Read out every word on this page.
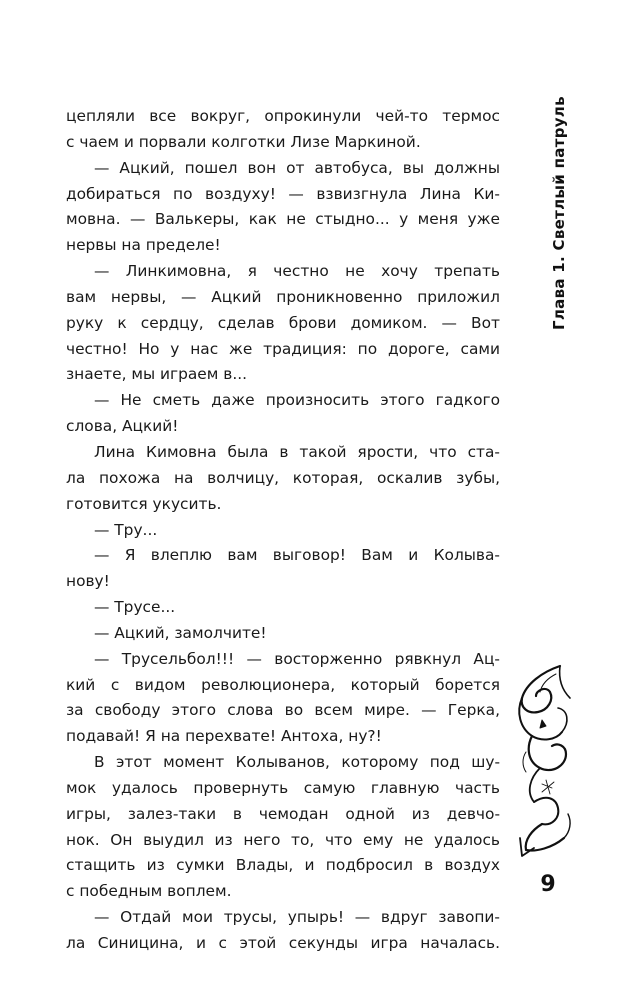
цепляли все вокруг, опрокинули чей-то термос
с чаем и порвали колготки Лизе Маркиной.
— Ацкий, пошел вон от автобуса, вы должны
добираться по воздуху! — взвизгнула Лина Ки-
мовна. — Валькеры, как не стыдно... у меня уже
нервы на пределе!
— Линкимовна, я честно не хочу трепать
вам нервы, — Ацкий проникновенно приложил
руку к сердцу, сделав брови домиком. — Вот
честно! Но у нас же традиция: по дороге, сами
знаете, мы играем в...
— Не сметь даже произносить этого гадкого
слова, Ацкий!
Лина Кимовна была в такой ярости, что ста-
ла похожа на волчицу, которая, оскалив зубы,
готовится укусить.
— Тру...
— Я влеплю вам выговор! Вам и Колыва-
нову!
— Трусе...
— Ацкий, замолчите!
— Трусельбол!!! — восторженно рявкнул Ац-
кий с видом революционера, который борется
за свободу этого слова во всем мире. — Герка,
подавай! Я на перехвате! Антоха, ну?!
В этот момент Колыванов, которому под шу-
мок удалось провернуть самую главную часть
игры, залез-таки в чемодан одной из девчо-
нок. Он выудил из него то, что ему не удалось
стащить из сумки Влады, и подбросил в воздух
с победным воплем.
— Отдай мои трусы, упырь! — вдруг завопи-
ла Синицина, и с этой секунды игра началась.
Глава 1. Светлый патруль
9
